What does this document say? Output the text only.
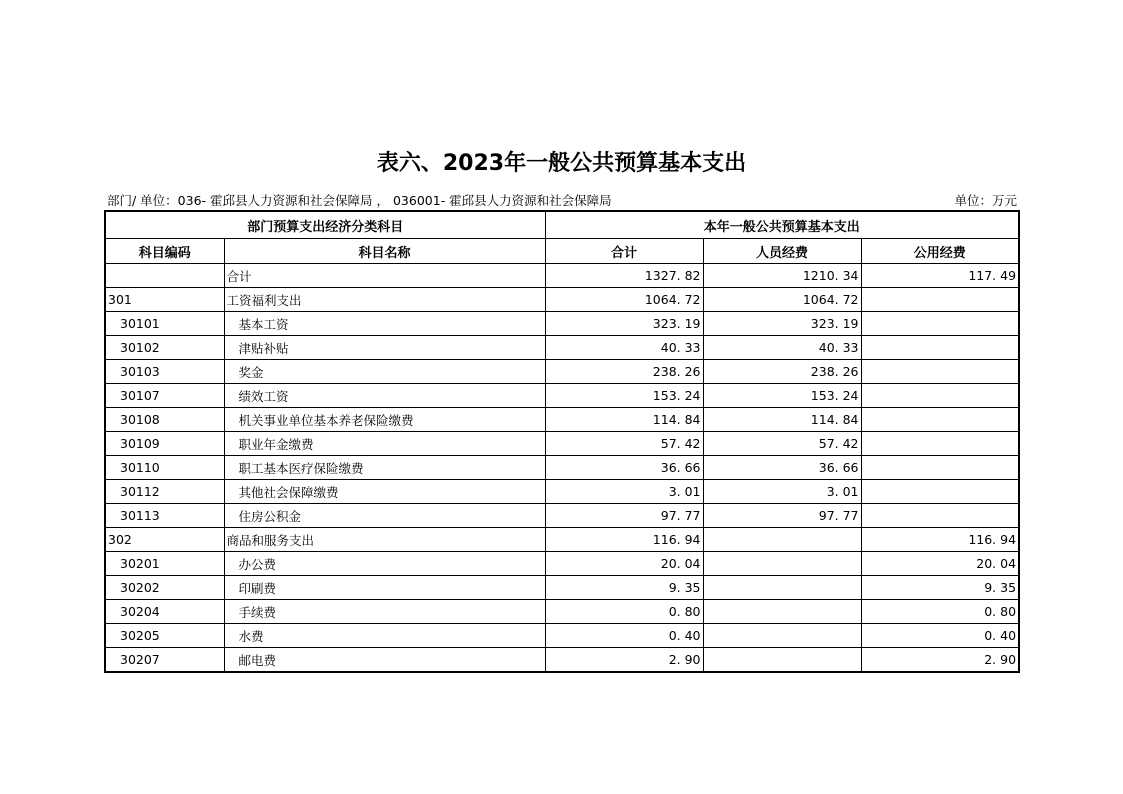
表六、2023年一般公共预算基本支出
部门/ 单位：036- 霍邱县人力资源和社会保障局 ， 036001- 霍邱县人力资源和社会保障局	单位：万元
部门预算支出经济分类科目		本年一般公共预算基本支出		
科目编码	科目名称	合计	人员经费	公用经费
	合计	1327. 82	1210. 34	117. 49
301	工资福利支出	1064. 72	1064. 72	
30101	基本工资	323. 19	323. 19	
30102	津贴补贴	40. 33	40. 33	
30103	奖金	238. 26	238. 26	
30107	绩效工资	153. 24	153. 24	
30108	机关事业单位基本养老保险缴费	114. 84	114. 84	
30109	职业年金缴费	57. 42	57. 42	
30110	职工基本医疗保险缴费	36. 66	36. 66	
30112	其他社会保障缴费	3. 01	3. 01	
30113	住房公积金	97. 77	97. 77	
302	商品和服务支出	116. 94		116. 94
30201	办公费	20. 04		20. 04
30202	印刷费	9. 35		9. 35
30204	手续费	0. 80		0. 80
30205	水费	0. 40		0. 40
30207	邮电费	2. 90		2. 90
